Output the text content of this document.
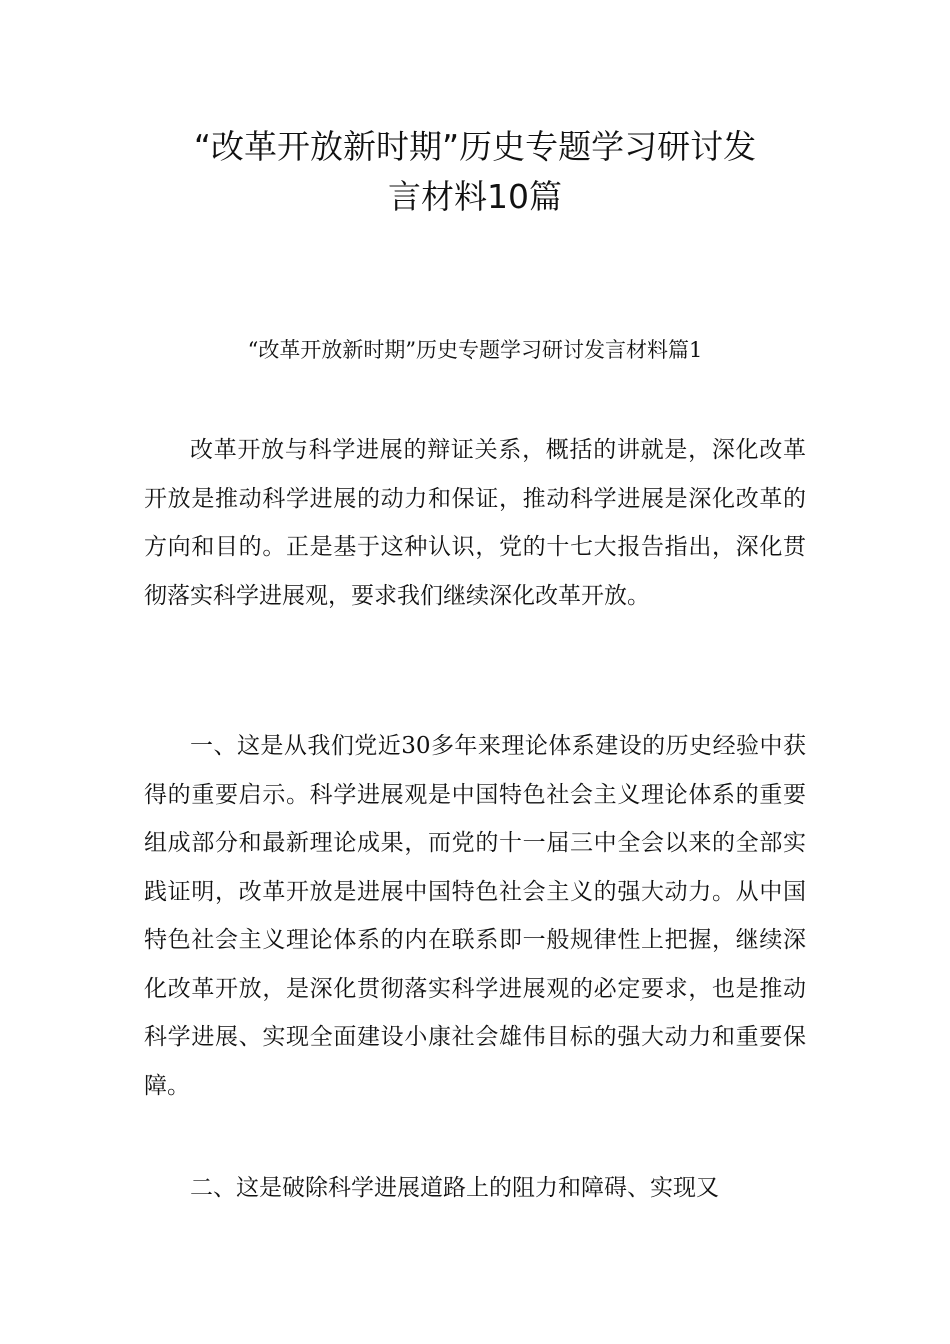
“改革开放新时期”历史专题学习研讨发
言材料10篇
“改革开放新时期”历史专题学习研讨发言材料篇1

改革开放与科学进展的辩证关系，概括的讲就是，深化改革开放是推动科学进展的动力和保证，推动科学进展是深化改革的方向和目的。正是基于这种认识，党的十七大报告指出，深化贯彻落实科学进展观，要求我们继续深化改革开放。

一、这是从我们党近30多年来理论体系建设的历史经验中获得的重要启示。科学进展观是中国特色社会主义理论体系的重要组成部分和最新理论成果，而党的十一届三中全会以来的全部实践证明，改革开放是进展中国特色社会主义的强大动力。从中国特色社会主义理论体系的内在联系即一般规律性上把握，继续深化改革开放，是深化贯彻落实科学进展观的必定要求，也是推动科学进展、实现全面建设小康社会雄伟目标的强大动力和重要保障。

二、这是破除科学进展道路上的阻力和障碍、实现又
